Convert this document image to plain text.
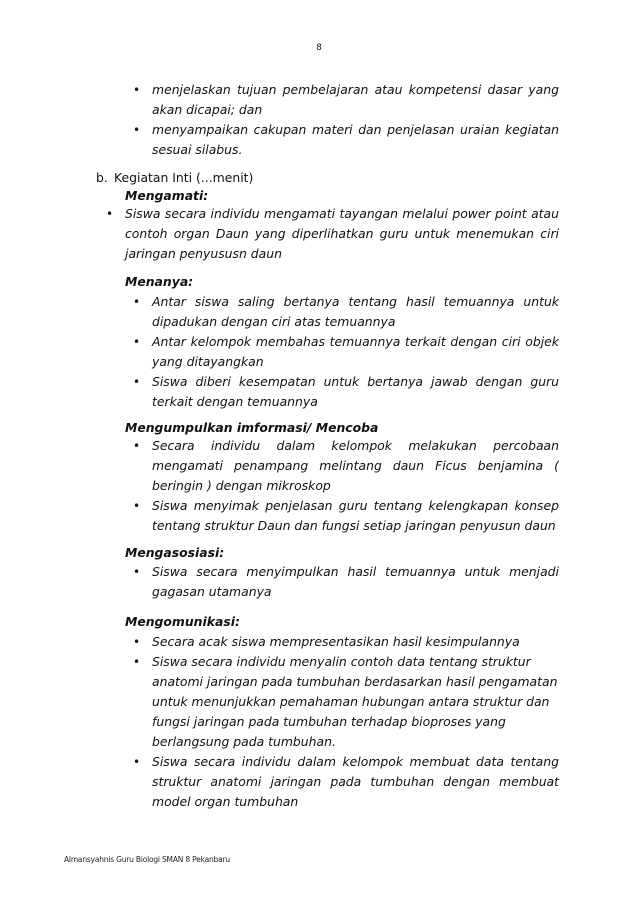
8
• menjelaskan tujuan pembelajaran atau kompetensi dasar yang akan dicapai; dan
• menyampaikan cakupan materi dan penjelasan uraian kegiatan sesuai silabus.
b. Kegiatan Inti (...menit)
Mengamati:
• Siswa secara individu mengamati tayangan melalui power point atau contoh organ Daun yang diperlihatkan guru untuk menemukan ciri jaringan penyususn daun
Menanya:
• Antar siswa saling bertanya tentang hasil temuannya untuk dipadukan dengan ciri atas temuannya
• Antar kelompok membahas temuannya terkait dengan ciri objek yang ditayangkan
• Siswa diberi kesempatan untuk bertanya jawab dengan guru terkait dengan temuannya
Mengumpulkan imformasi/ Mencoba
• Secara individu dalam kelompok melakukan percobaan mengamati penampang melintang daun Ficus benjamina ( beringin ) dengan mikroskop
• Siswa menyimak penjelasan guru tentang kelengkapan konsep tentang struktur Daun dan fungsi setiap jaringan penyusun daun
Mengasosiasi:
• Siswa secara menyimpulkan hasil temuannya untuk menjadi gagasan utamanya
Mengomunikasi:
• Secara acak siswa mempresentasikan hasil kesimpulannya
• Siswa secara individu menyalin contoh data tentang struktur
anatomi jaringan pada tumbuhan berdasarkan hasil pengamatan
untuk menunjukkan pemahaman hubungan antara struktur dan
fungsi jaringan pada tumbuhan terhadap bioproses yang
berlangsung pada tumbuhan.
• Siswa secara individu dalam kelompok membuat data tentang struktur anatomi jaringan pada tumbuhan dengan membuat model organ tumbuhan
Almansyahnis Guru Biologi SMAN 8 Pekanbaru
